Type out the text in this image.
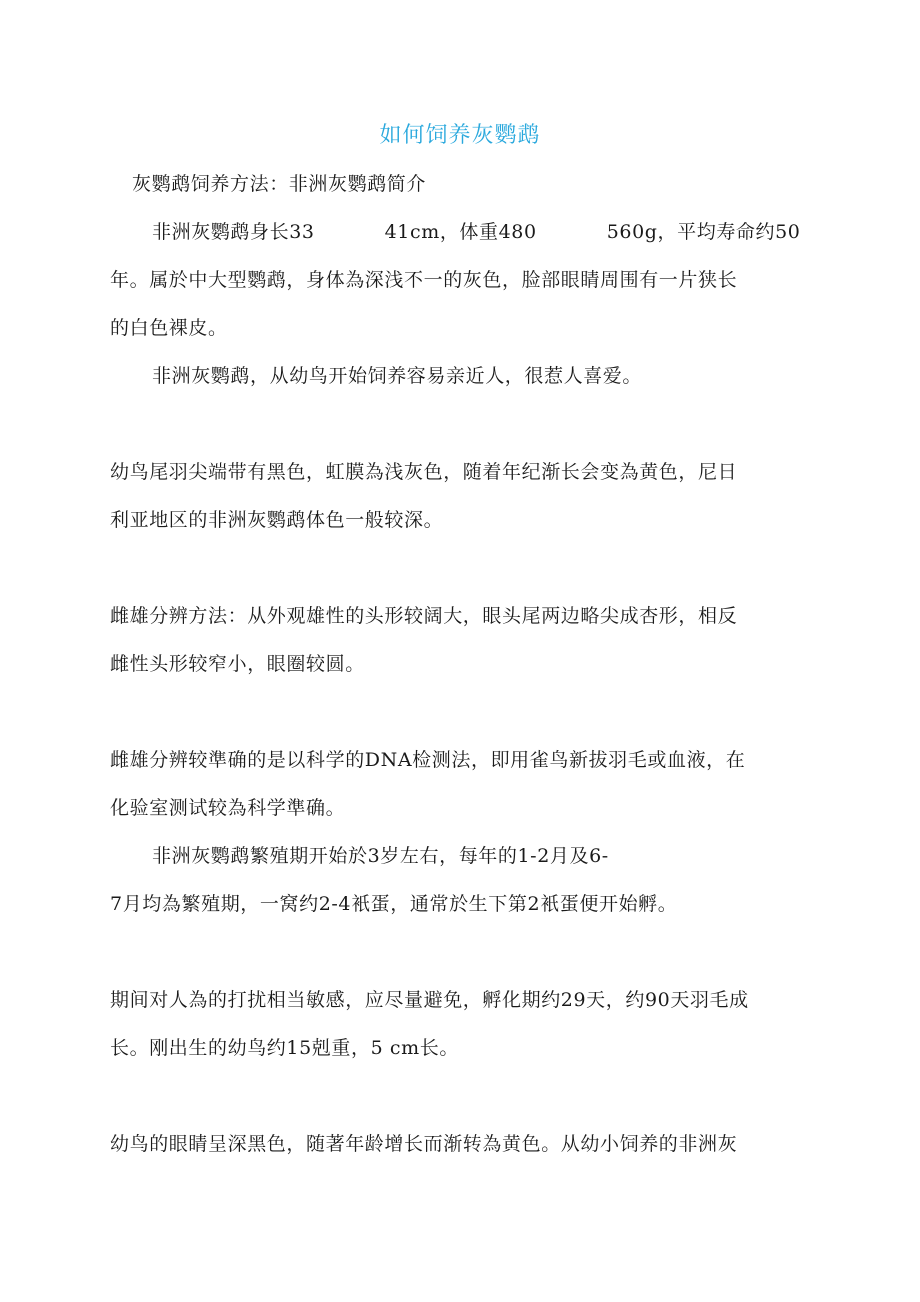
如何饲养灰鹦鹉
灰鹦鹉饲养方法：非洲灰鹦鹉简介
非洲灰鹦鹉身长33	41cm，体重480	560g，平均寿命约50
年。属於中大型鹦鹉，身体為深浅不一的灰色，脸部眼睛周围有一片狭长
的白色裸皮。
非洲灰鹦鹉，从幼鸟开始饲养容易亲近人，很惹人喜爱。
幼鸟尾羽尖端带有黑色，虹膜為浅灰色，随着年纪渐长会变為黄色，尼日
利亚地区的非洲灰鹦鹉体色一般较深。
雌雄分辨方法：从外观雄性的头形较阔大，眼头尾两边略尖成杏形，相反
雌性头形较窄小，眼圈较圆。
雌雄分辨较準确的是以科学的DNA检测法，即用雀鸟新拔羽毛或血液，在
化验室测试较為科学準确。
非洲灰鹦鹉繁殖期开始於3岁左右，每年的1-2月及6-
7月均為繁殖期，一窝约2-4衹蛋，通常於生下第2衹蛋便开始孵。
期间对人為的打扰相当敏感，应尽量避免，孵化期约29天，约90天羽毛成
长。刚出生的幼鸟约15剋重，5 cm长。
幼鸟的眼睛呈深黑色，随著年龄增长而渐转為黄色。从幼小饲养的非洲灰
